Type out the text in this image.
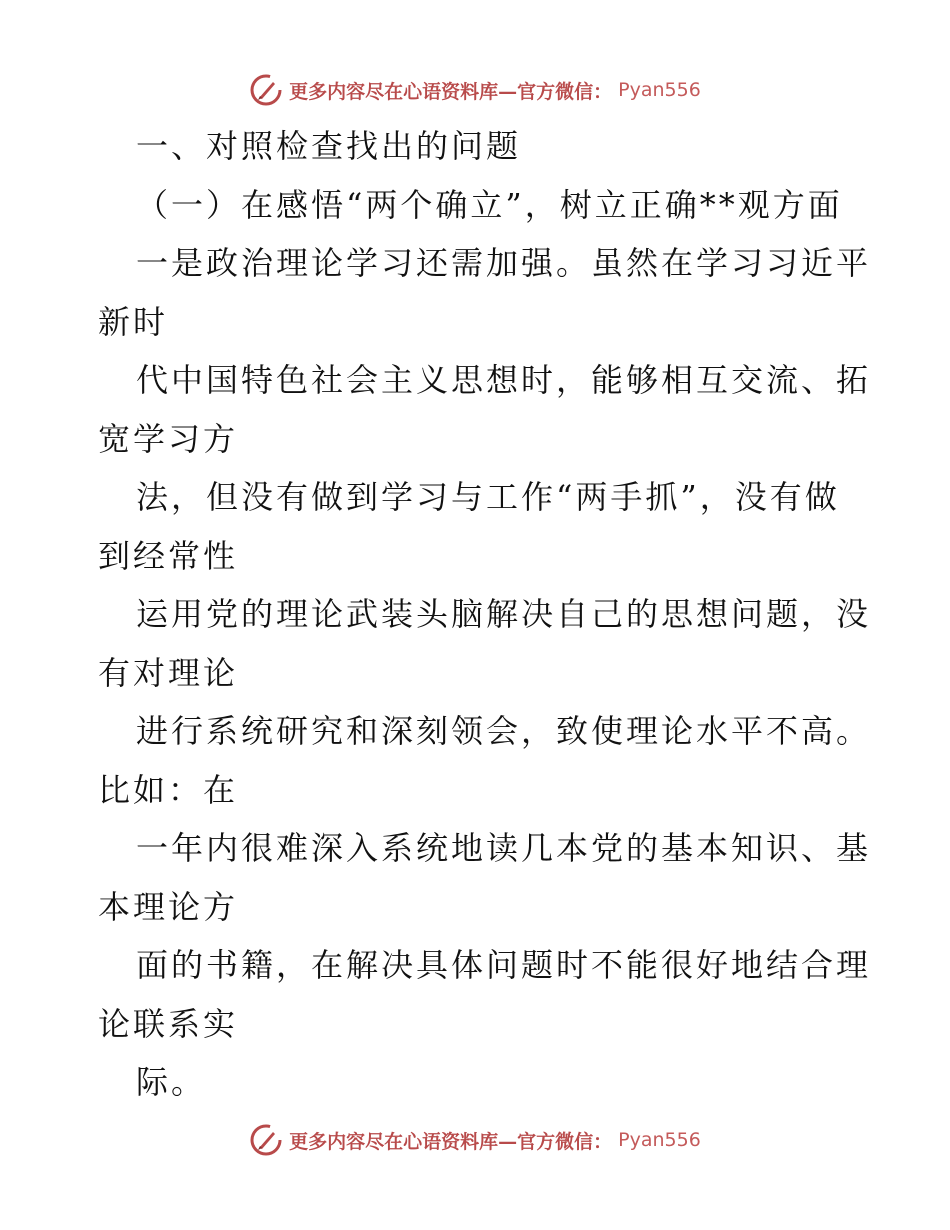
更多内容尽在心语资料库—官方微信： Pyan556
一、对照检查找出的问题
（一）在感悟“两个确立”，树立正确**观方面
一是政治理论学习还需加强。虽然在学习习近平
新时
代中国特色社会主义思想时，能够相互交流、拓
宽学习方
法，但没有做到学习与工作“两手抓”，没有做
到经常性
运用党的理论武装头脑解决自己的思想问题，没
有对理论
进行系统研究和深刻领会，致使理论水平不高。
比如：在
一年内很难深入系统地读几本党的基本知识、基
本理论方
面的书籍，在解决具体问题时不能很好地结合理
论联系实
际。
更多内容尽在心语资料库—官方微信： Pyan556
